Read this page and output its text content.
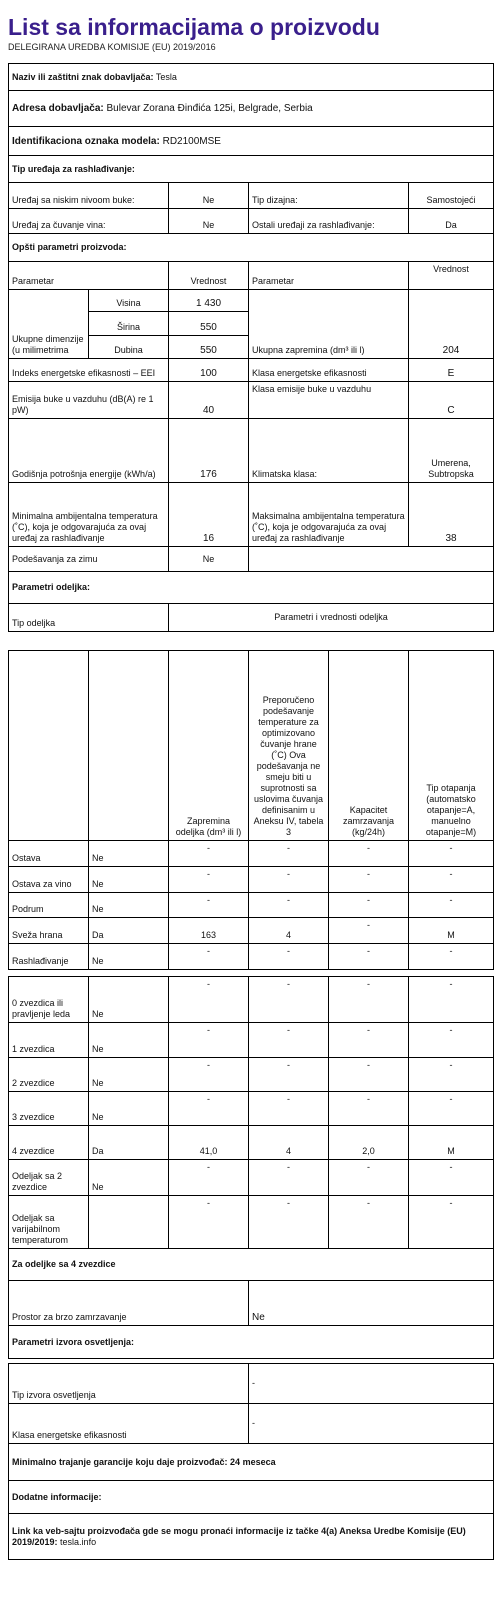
List sa informacijama o proizvodu
DELEGIRANA UREDBA KOMISIJE (EU) 2019/2016
Naziv ili zaštitni znak dobavljača: Tesla				
Adresa dobavljača: Bulevar Zorana Đinđića 125i, Belgrade, Serbia				
Identifikaciona oznaka modela: RD2100MSE				
Tip uređaja za rashlađivanje:				
Uređaj sa niskim nivoom buke:		Ne	Tip dizajna:	Samostojeći
Uređaj za čuvanje vina:		Ne	Ostali uređaji za rashlađivanje:	Da
Opšti parametri proizvoda:				
Parametar		Vrednost	Parametar	Vrednost
Ukupne dimenzije (u milimetrima	Visina	1 430	Ukupna zapremina (dm³ ili l)	204
	Širina	550		
	Dubina	550		
Indeks energetske efikasnosti – EEI		100	Klasa energetske efikasnosti	E
Emisija buke u vazduhu (dB(A) re 1 pW)		40	Klasa emisije buke u vazduhu	C
Godišnja potrošnja energije (kWh/a)		176	Klimatska klasa:	Umerena, Subtropska
Minimalna ambijentalna temperatura (˚C), koja je odgovarajuća za ovaj uređaj za rashlađivanje		16	Maksimalna ambijentalna temperatura (˚C), koja je odgovarajuća za ovaj uređaj za rashlađivanje	38
Podešavanja za zimu		Ne		
Parametri odeljka:				
Tip odeljka		Parametri i vrednosti odeljka		
		Zapremina odeljka (dm³ ili l)	Preporučeno podešavanje temperature za optimizovano čuvanje hrane (˚C) Ova podešavanja ne smeju biti u suprotnosti sa uslovima čuvanja definisanim u Aneksu IV, tabela 3	Kapacitet zamrzavanja (kg/24h)	Tip otapanja (automatsko otapanje=A, manuelno otapanje=M)
Ostava	Ne	-	-	-	-
Ostava za vino	Ne	-	-	-	-
Podrum	Ne	-	-	-	-
Sveža hrana	Da	163	4	-	M
Rashlađivanje	Ne	-	-	-	-
0 zvezdica ili pravljenje leda	Ne	-	-	-	-
1 zvezdica	Ne	-	-	-	-
2 zvezdice	Ne	-	-	-	-
3 zvezdice	Ne	-	-	-	-
4 zvezdice	Da	41,0	4	2,0	M
Odeljak sa 2 zvezdice	Ne	-	-	-	-
Odeljak sa varijabilnom temperaturom		-	-	-	-
Za odeljke sa 4 zvezdice					
Prostor za brzo zamrzavanje			Ne		
Parametri izvora osvetljenja:					
Tip izvora osvetljenja	-
Klasa energetske efikasnosti	-
Minimalno trajanje garancije koju daje proizvođač: 24 meseca	
Dodatne informacije:	
Link ka veb-sajtu proizvođača gde se mogu pronaći informacije iz tačke 4(a) Aneksa Uredbe Komisije (EU) 2019/2019: tesla.info	
